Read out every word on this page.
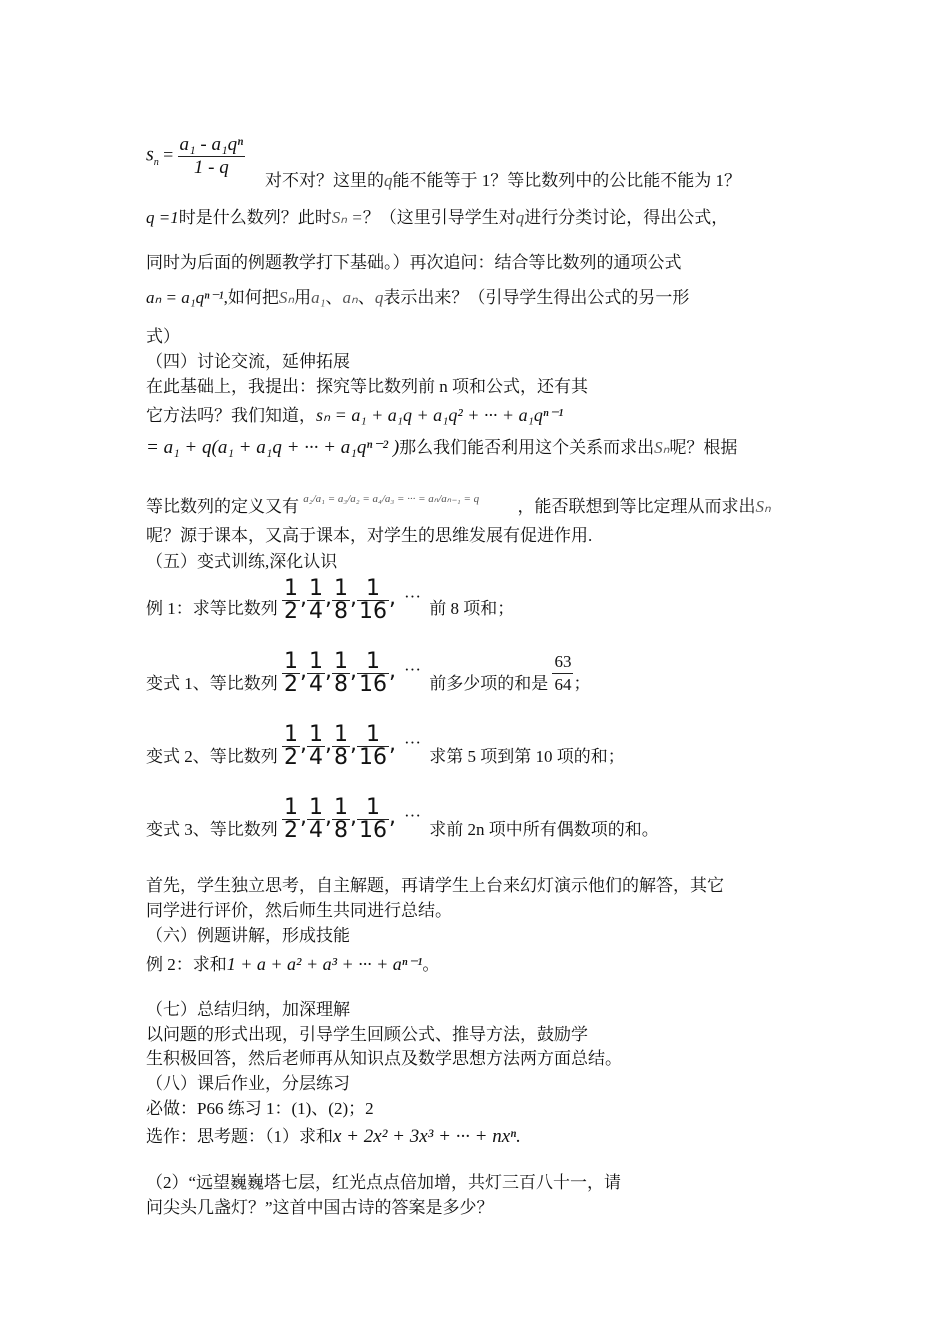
$s_n = \frac{\text{a₁ - a₁qⁿ}}{1 - q}$
对不对？这里的q能不能等于 1？等比数列中的公比能不能为 1？
q =1时是什么数列？此时Sₙ =？（这里引导学生对q进行分类讨论，得出公式，
同时为后面的例题教学打下基础。）再次追问：结合等比数列的通项公式
aₙ = a₁qⁿ⁻¹,如何把Sₙ用a₁、aₙ、q表示出来？（引导学生得出公式的另一形
式）
（四）讨论交流，延伸拓展
在此基础上，我提出：探究等比数列前 n 项和公式，还有其
它方法吗？我们知道，sₙ = a₁ + a₁q + a₁q² + ··· + a₁qⁿ⁻¹
= a₁ + q(a₁ + a₁q + ··· + a₁qⁿ⁻² )那么我们能否利用这个关系而求出Sₙ呢？根据
等比数列的定义又有 a₂/a₁ = a₃/a₂ = a₄/a₃ = ··· = aₙ/aₙ₋₁ = q ，能否联想到等比定理从而求出Sₙ
呢？源于课本，又高于课本，对学生的思维发展有促进作用.
（五）变式训练,深化认识
例 1：求等比数列 $\frac{1}{2}$ , $\frac{1}{4}$ , $\frac{1}{8}$ , $\frac{1}{16}$ , ··· 前 8 项和；
变式 1、等比数列 $\frac{1}{2}$ , $\frac{1}{4}$ , $\frac{1}{8}$ , $\frac{1}{16}$ , ··· 前多少项的和是 $\frac{63}{64}$ ；
变式 2、等比数列 $\frac{1}{2}$ , $\frac{1}{4}$ , $\frac{1}{8}$ , $\frac{1}{16}$ , ··· 求第 5 项到第 10 项的和；
变式 3、等比数列 $\frac{1}{2}$ , $\frac{1}{4}$ , $\frac{1}{8}$ , $\frac{1}{16}$ , ··· 求前 2n 项中所有偶数项的和。
首先，学生独立思考，自主解题，再请学生上台来幻灯演示他们的解答，其它
同学进行评价，然后师生共同进行总结。
（六）例题讲解，形成技能
例 2：求和1 + a + a² + a³ + ··· + aⁿ⁻¹。
（七）总结归纳，加深理解
以问题的形式出现，引导学生回顾公式、推导方法，鼓励学
生积极回答，然后老师再从知识点及数学思想方法两方面总结。
（八）课后作业，分层练习
必做：P66 练习 1：(1)、(2)；2
选作：思考题：（1）求和x + 2x² + 3x³ + ··· + nxⁿ.
（2）“远望巍巍塔七层，红光点点倍加增，共灯三百八十一，请
问尖头几盏灯？”这首中国古诗的答案是多少？
